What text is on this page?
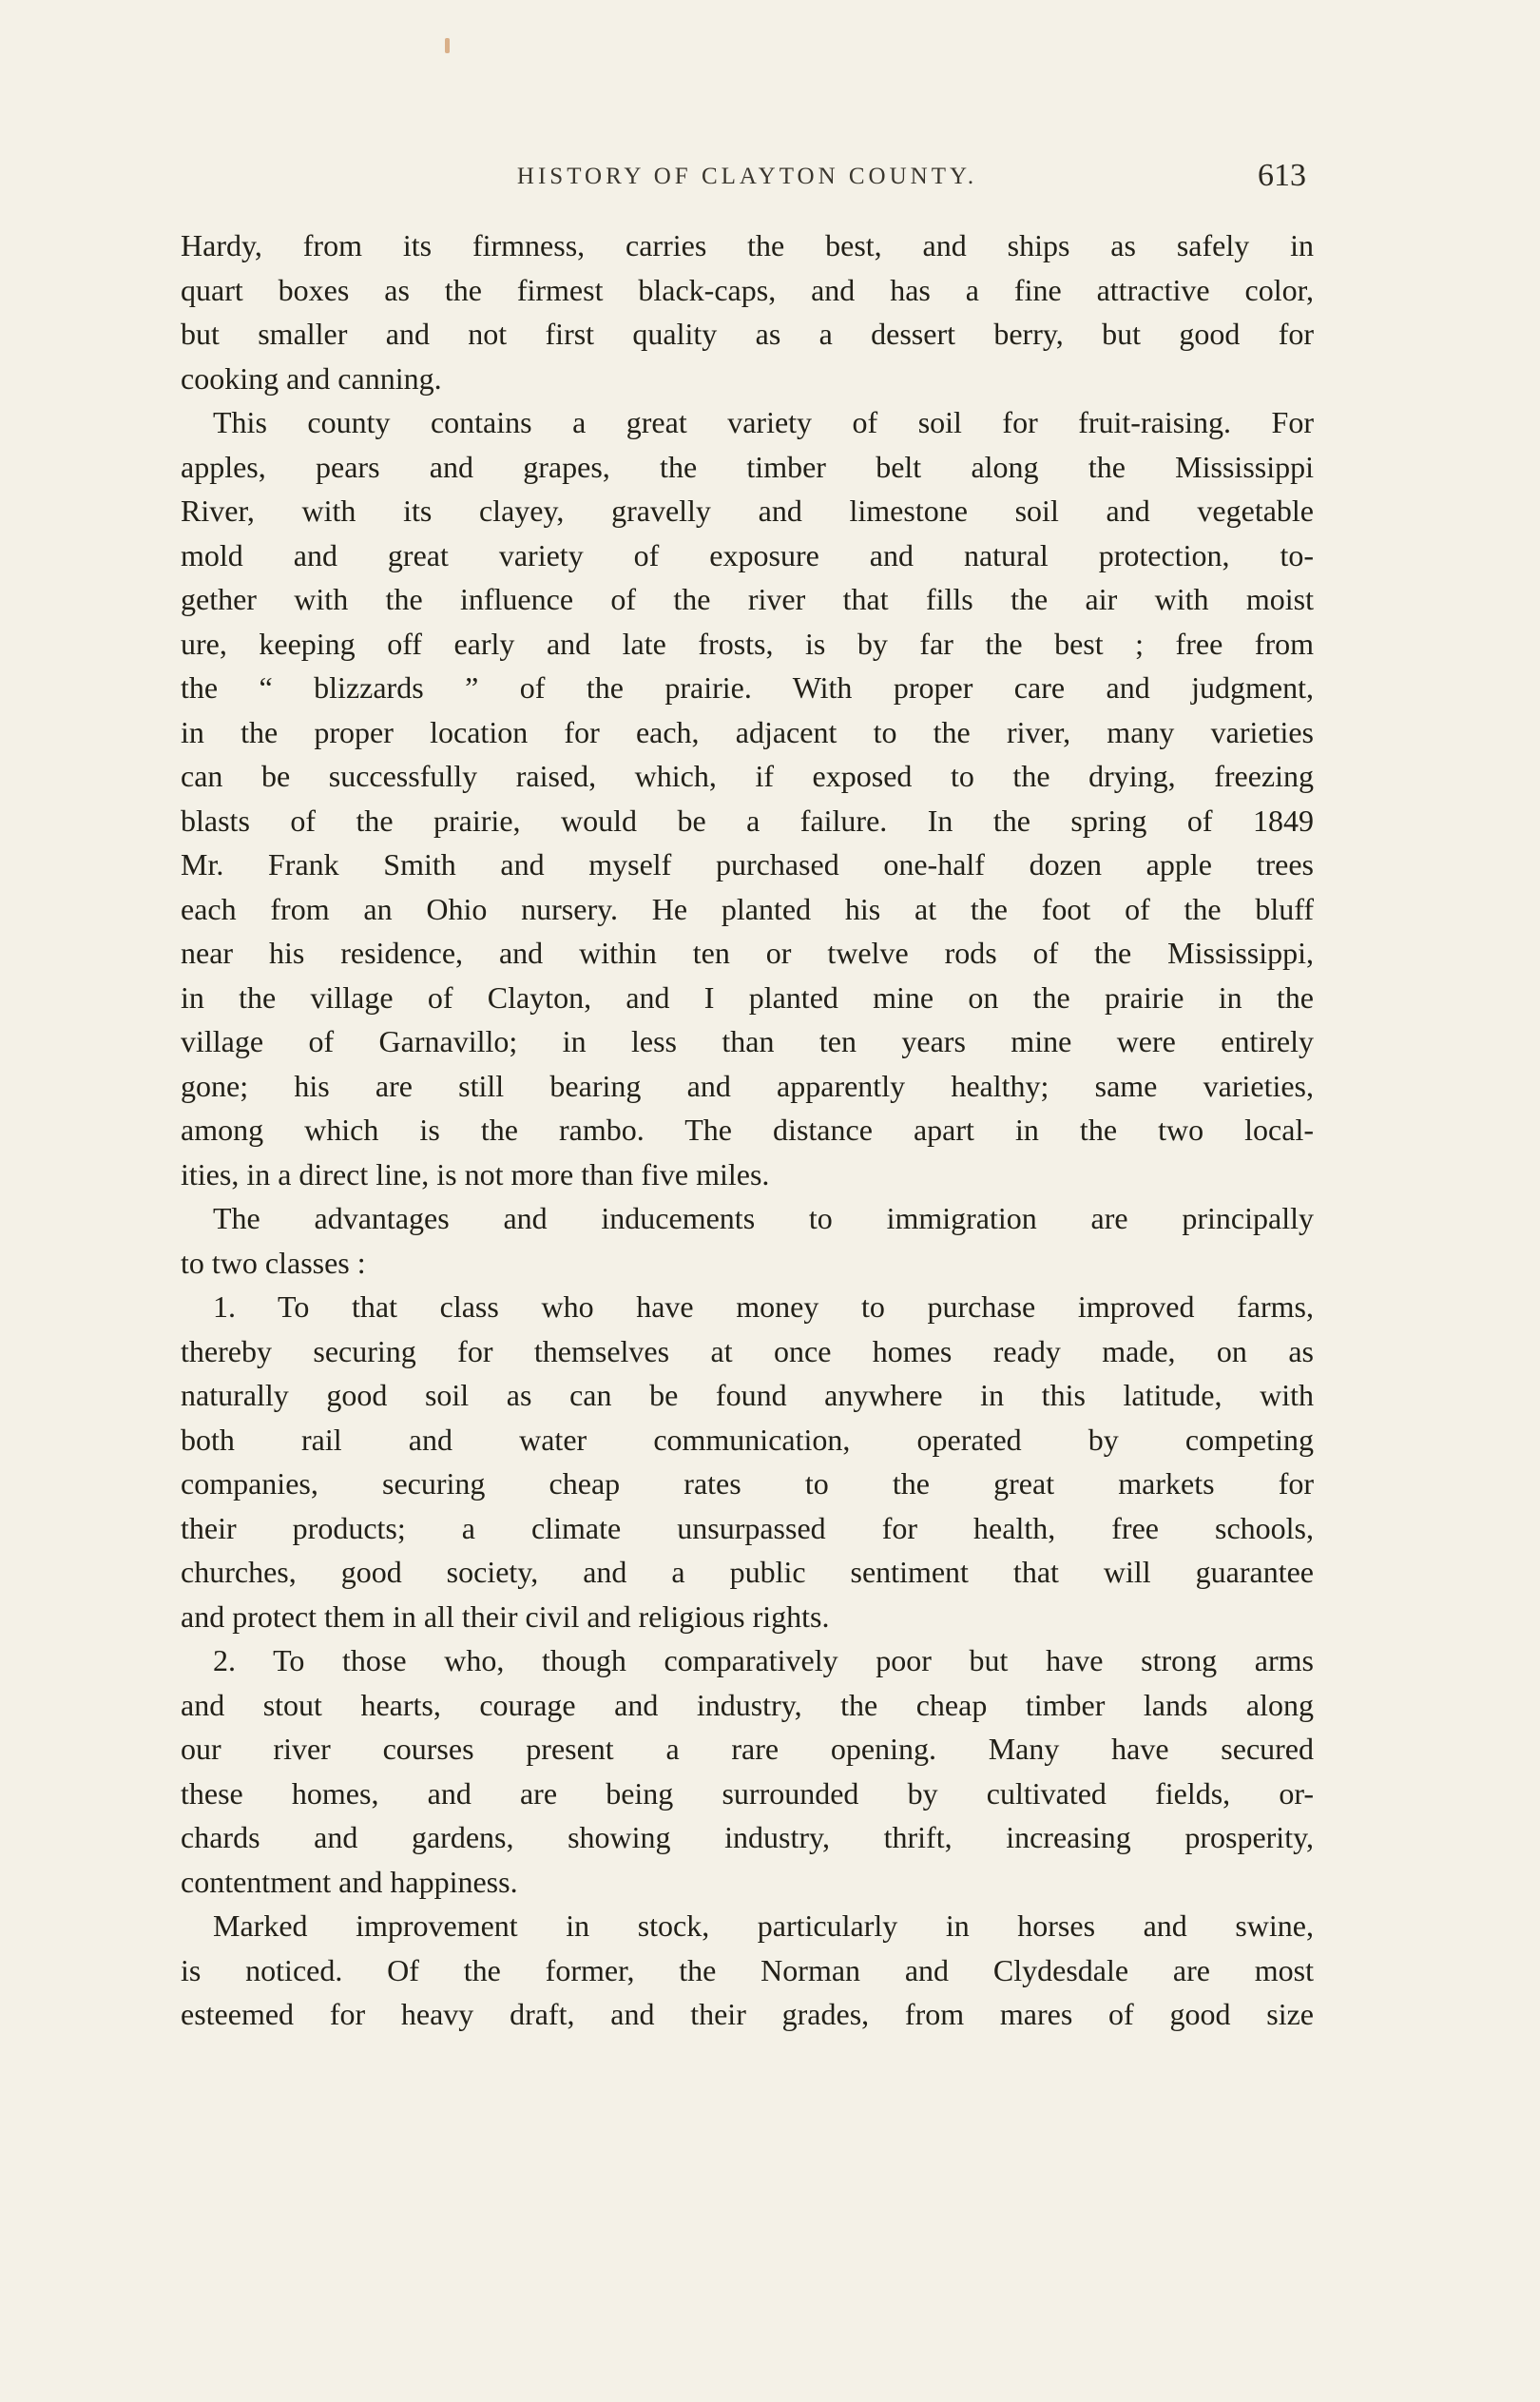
HISTORY OF CLAYTON COUNTY.	613
Hardy, from its firmness, carries the best, and ships as safely in
quart boxes as the firmest black-caps, and has a fine attractive color,
but smaller and not first quality as a dessert berry, but good for
cooking and canning.
This county contains a great variety of soil for fruit-raising. For
apples, pears and grapes, the timber belt along the Mississippi
River, with its clayey, gravelly and limestone soil and vegetable
mold and great variety of exposure and natural protection, to-
gether with the influence of the river that fills the air with moist
ure, keeping off early and late frosts, is by far the best ; free from
the “ blizzards ” of the prairie. With proper care and judgment,
in the proper location for each, adjacent to the river, many varieties
can be successfully raised, which, if exposed to the drying, freezing
blasts of the prairie, would be a failure. In the spring of 1849
Mr. Frank Smith and myself purchased one-half dozen apple trees
each from an Ohio nursery. He planted his at the foot of the bluff
near his residence, and within ten or twelve rods of the Mississippi,
in the village of Clayton, and I planted mine on the prairie in the
village of Garnavillo; in less than ten years mine were entirely
gone; his are still bearing and apparently healthy; same varieties,
among which is the rambo. The distance apart in the two local-
ities, in a direct line, is not more than five miles.
The advantages and inducements to immigration are principally
to two classes :
1. To that class who have money to purchase improved farms,
thereby securing for themselves at once homes ready made, on as
naturally good soil as can be found anywhere in this latitude, with
both rail and water communication, operated by competing
companies, securing cheap rates to the great markets for
their products; a climate unsurpassed for health, free schools,
churches, good society, and a public sentiment that will guarantee
and protect them in all their civil and religious rights.
2. To those who, though comparatively poor but have strong arms
and stout hearts, courage and industry, the cheap timber lands along
our river courses present a rare opening. Many have secured
these homes, and are being surrounded by cultivated fields, or-
chards and gardens, showing industry, thrift, increasing prosperity,
contentment and happiness.
Marked improvement in stock, particularly in horses and swine,
is noticed. Of the former, the Norman and Clydesdale are most
esteemed for heavy draft, and their grades, from mares of good size
